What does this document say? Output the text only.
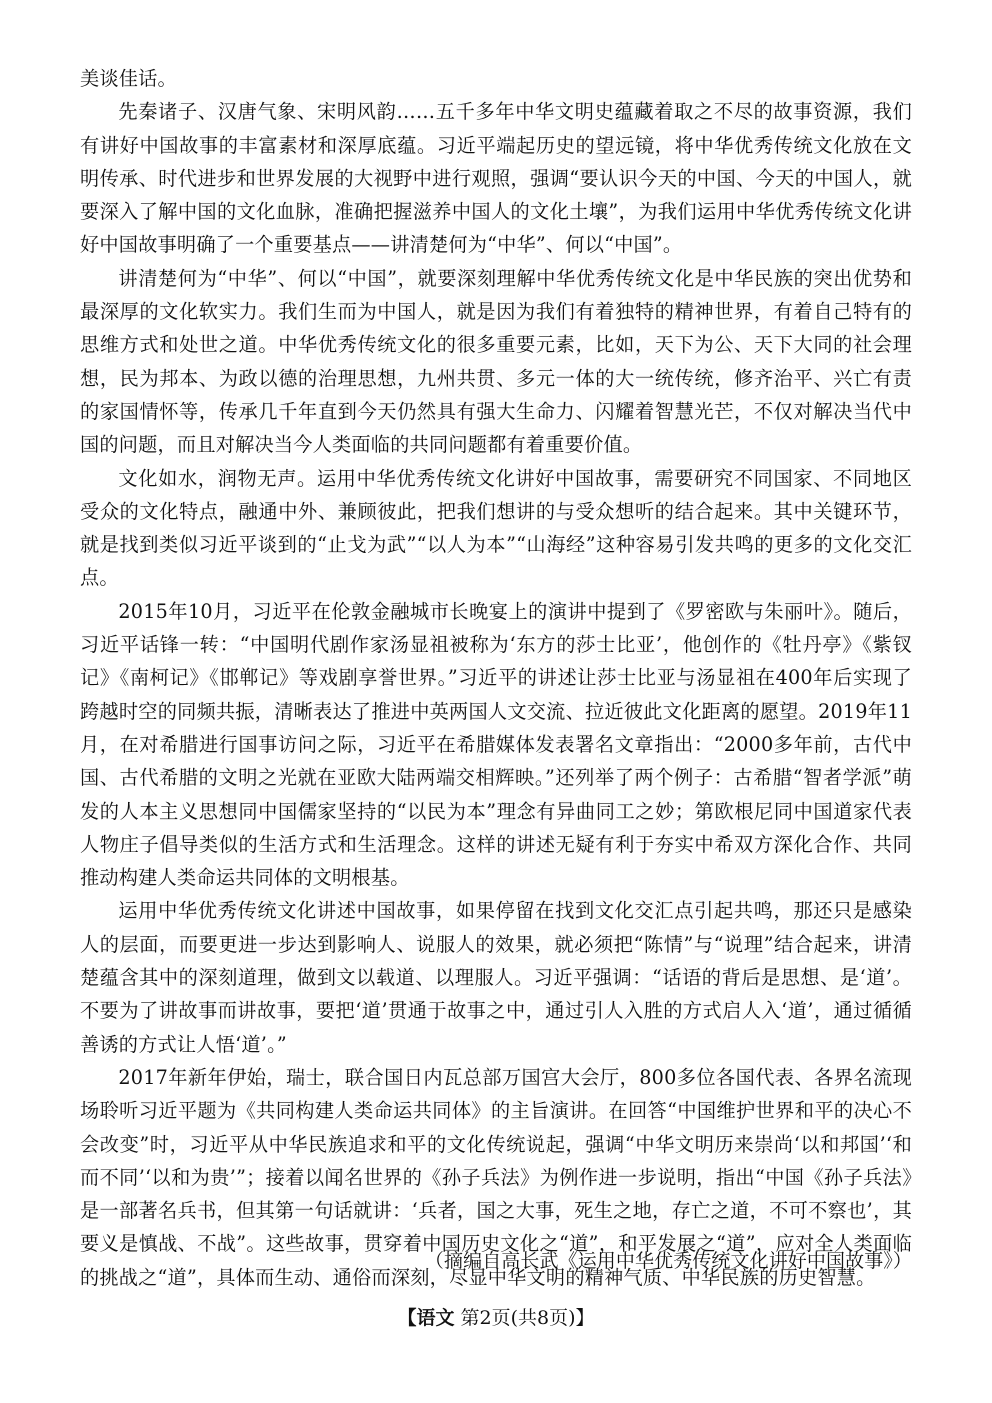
美谈佳话。

先秦诸子、汉唐气象、宋明风韵……五千多年中华文明史蕴藏着取之不尽的故事资源，我们有讲好中国故事的丰富素材和深厚底蕴。习近平端起历史的望远镜，将中华优秀传统文化放在文明传承、时代进步和世界发展的大视野中进行观照，强调“要认识今天的中国、今天的中国人，就要深入了解中国的文化血脉，准确把握滋养中国人的文化土壤”，为我们运用中华优秀传统文化讲好中国故事明确了一个重要基点——讲清楚何为“中华”、何以“中国”。

讲清楚何为“中华”、何以“中国”，就要深刻理解中华优秀传统文化是中华民族的突出优势和最深厚的文化软实力。我们生而为中国人，就是因为我们有着独特的精神世界，有着自己特有的思维方式和处世之道。中华优秀传统文化的很多重要元素，比如，天下为公、天下大同的社会理想，民为邦本、为政以德的治理思想，九州共贯、多元一体的大一统传统，修齐治平、兴亡有责的家国情怀等，传承几千年直到今天仍然具有强大生命力、闪耀着智慧光芒，不仅对解决当代中国的问题，而且对解决当今人类面临的共同问题都有着重要价值。

文化如水，润物无声。运用中华优秀传统文化讲好中国故事，需要研究不同国家、不同地区受众的文化特点，融通中外、兼顾彼此，把我们想讲的与受众想听的结合起来。其中关键环节，就是找到类似习近平谈到的“止戈为武”“以人为本”“山海经”这种容易引发共鸣的更多的文化交汇点。

2015年10月，习近平在伦敦金融城市长晚宴上的演讲中提到了《罗密欧与朱丽叶》。随后，习近平话锋一转：“中国明代剧作家汤显祖被称为‘东方的莎士比亚’，他创作的《牡丹亭》《紫钗记》《南柯记》《邯郸记》等戏剧享誉世界。”习近平的讲述让莎士比亚与汤显祖在400年后实现了跨越时空的同频共振，清晰表达了推进中英两国人文交流、拉近彼此文化距离的愿望。2019年11月，在对希腊进行国事访问之际，习近平在希腊媒体发表署名文章指出：“2000多年前，古代中国、古代希腊的文明之光就在亚欧大陆两端交相辉映。”还列举了两个例子：古希腊“智者学派”萌发的人本主义思想同中国儒家坚持的“以民为本”理念有异曲同工之妙；第欧根尼同中国道家代表人物庄子倡导类似的生活方式和生活理念。这样的讲述无疑有利于夯实中希双方深化合作、共同推动构建人类命运共同体的文明根基。

运用中华优秀传统文化讲述中国故事，如果停留在找到文化交汇点引起共鸣，那还只是感染人的层面，而要更进一步达到影响人、说服人的效果，就必须把“陈情”与“说理”结合起来，讲清楚蕴含其中的深刻道理，做到文以载道、以理服人。习近平强调：“话语的背后是思想、是‘道’。不要为了讲故事而讲故事，要把‘道’贯通于故事之中，通过引人入胜的方式启人入‘道’，通过循循善诱的方式让人悟‘道’。”

2017年新年伊始，瑞士，联合国日内瓦总部万国宫大会厅，800多位各国代表、各界名流现场聆听习近平题为《共同构建人类命运共同体》的主旨演讲。在回答“中国维护世界和平的决心不会改变”时，习近平从中华民族追求和平的文化传统说起，强调“中华文明历来崇尚‘以和邦国’‘和而不同’‘以和为贵’”；接着以闻名世界的《孙子兵法》为例作进一步说明，指出“中国《孙子兵法》是一部著名兵书，但其第一句话就讲：‘兵者，国之大事，死生之地，存亡之道，不可不察也’，其要义是慎战、不战”。这些故事，贯穿着中国历史文化之“道”，和平发展之“道”，应对全人类面临的挑战之“道”，具体而生动、通俗而深刻，尽显中华文明的精神气质、中华民族的历史智慧。

（摘编自高长武《运用中华优秀传统文化讲好中国故事》）
【语文 第2页(共8页)】
